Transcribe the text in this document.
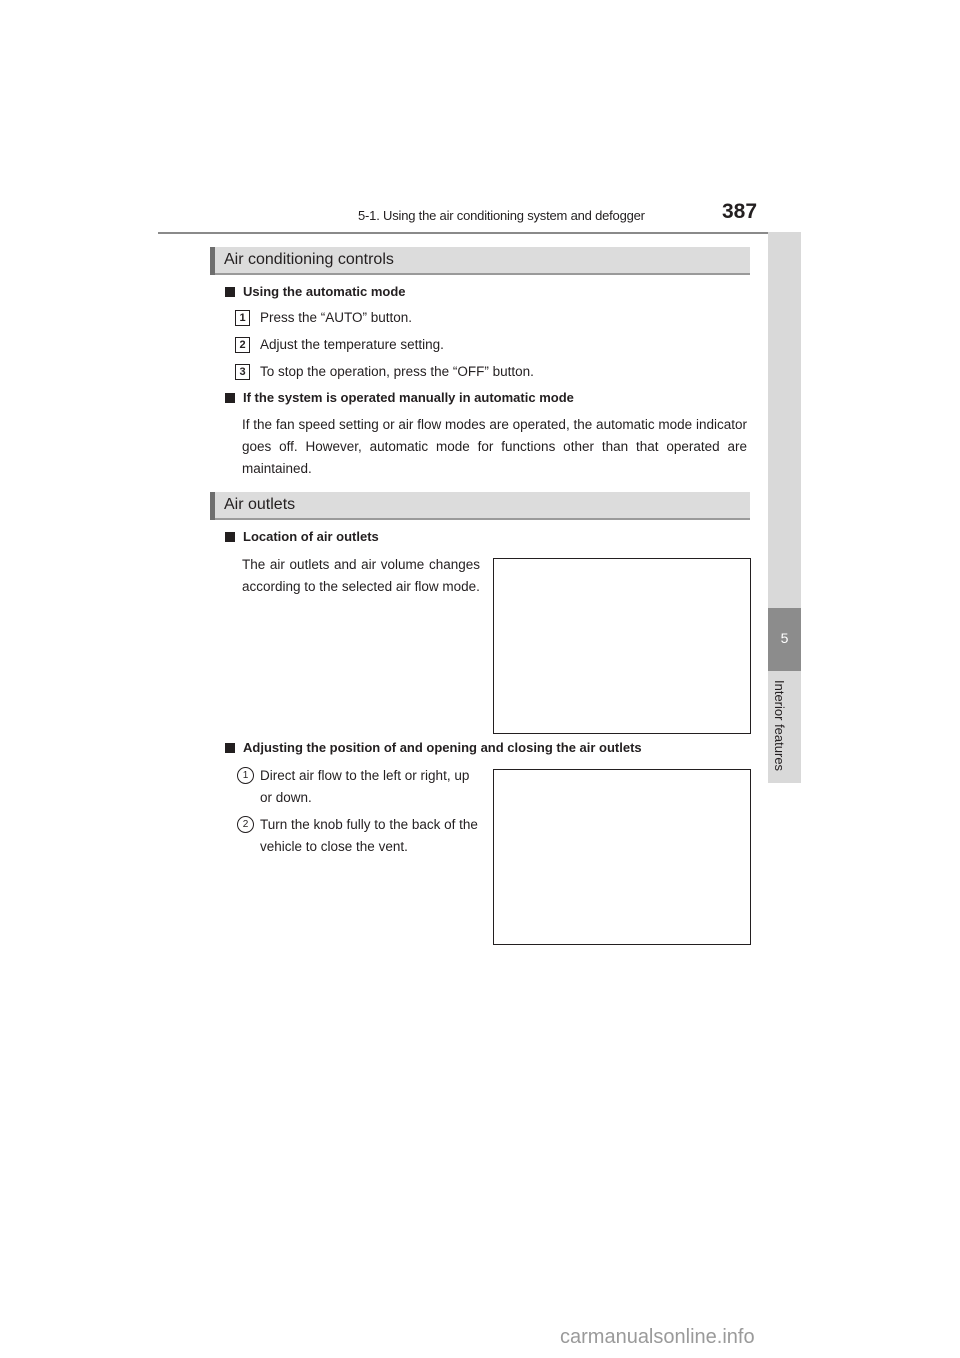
5-1. Using the air conditioning system and defogger	387
5
Interior features
Air conditioning controls
Using the automatic mode
1	Press the “AUTO” button.
2	Adjust the temperature setting.
3	To stop the operation, press the “OFF” button.
If the system is operated manually in automatic mode
If the fan speed setting or air flow modes are operated, the automatic mode indicator goes off. However, automatic mode for functions other than that operated are maintained.
Air outlets
Location of air outlets
The air outlets and air volume changes according to the selected air flow mode.
Adjusting the position of and opening and closing the air outlets
1 Direct air flow to the left or right, up or down.
2 Turn the knob fully to the back of the vehicle to close the vent.
carmanualsonline.info
